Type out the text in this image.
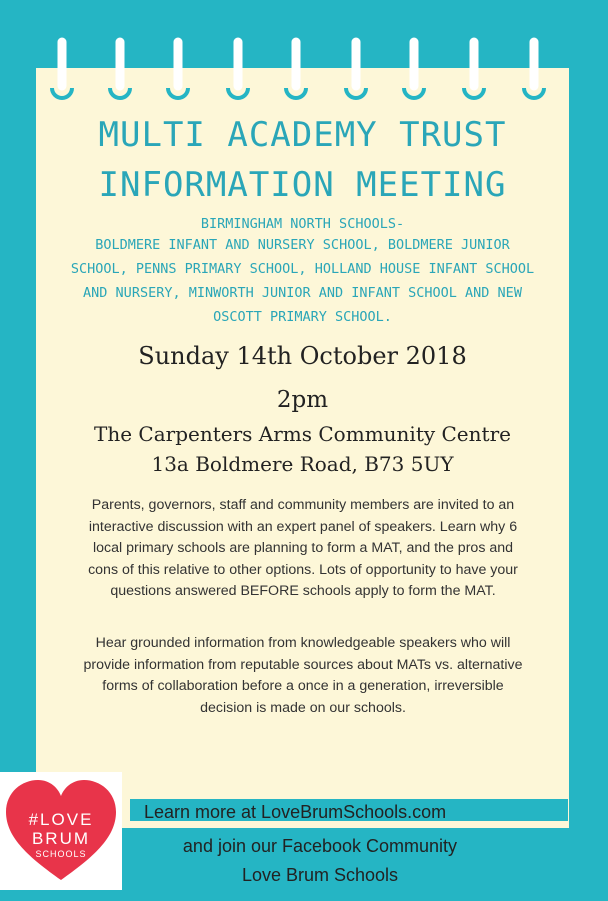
MULTI ACADEMY TRUST
INFORMATION MEETING
BIRMINGHAM NORTH SCHOOLS-
BOLDMERE INFANT AND NURSERY SCHOOL, BOLDMERE JUNIOR
SCHOOL, PENNS PRIMARY SCHOOL, HOLLAND HOUSE INFANT SCHOOL
AND NURSERY, MINWORTH JUNIOR AND INFANT SCHOOL AND NEW
OSCOTT PRIMARY SCHOOL.
Sunday 14th October 2018
2pm
The Carpenters Arms Community Centre
13a Boldmere Road, B73 5UY
Parents, governors, staff and community members are invited to an
interactive discussion with an expert panel of speakers. Learn why 6
local primary schools are planning to form a MAT, and the pros and
cons of this relative to other options. Lots of opportunity to have your
questions answered BEFORE schools apply to form the MAT.
Hear grounded information from knowledgeable speakers who will
provide information from reputable sources about MATs vs. alternative
forms of collaboration before a once in a generation, irreversible
decision is made on our schools.
Learn more at LoveBrumSchools.com
and join our Facebook Community
Love Brum Schools
#LOVE
BRUM
SCHOOLS
